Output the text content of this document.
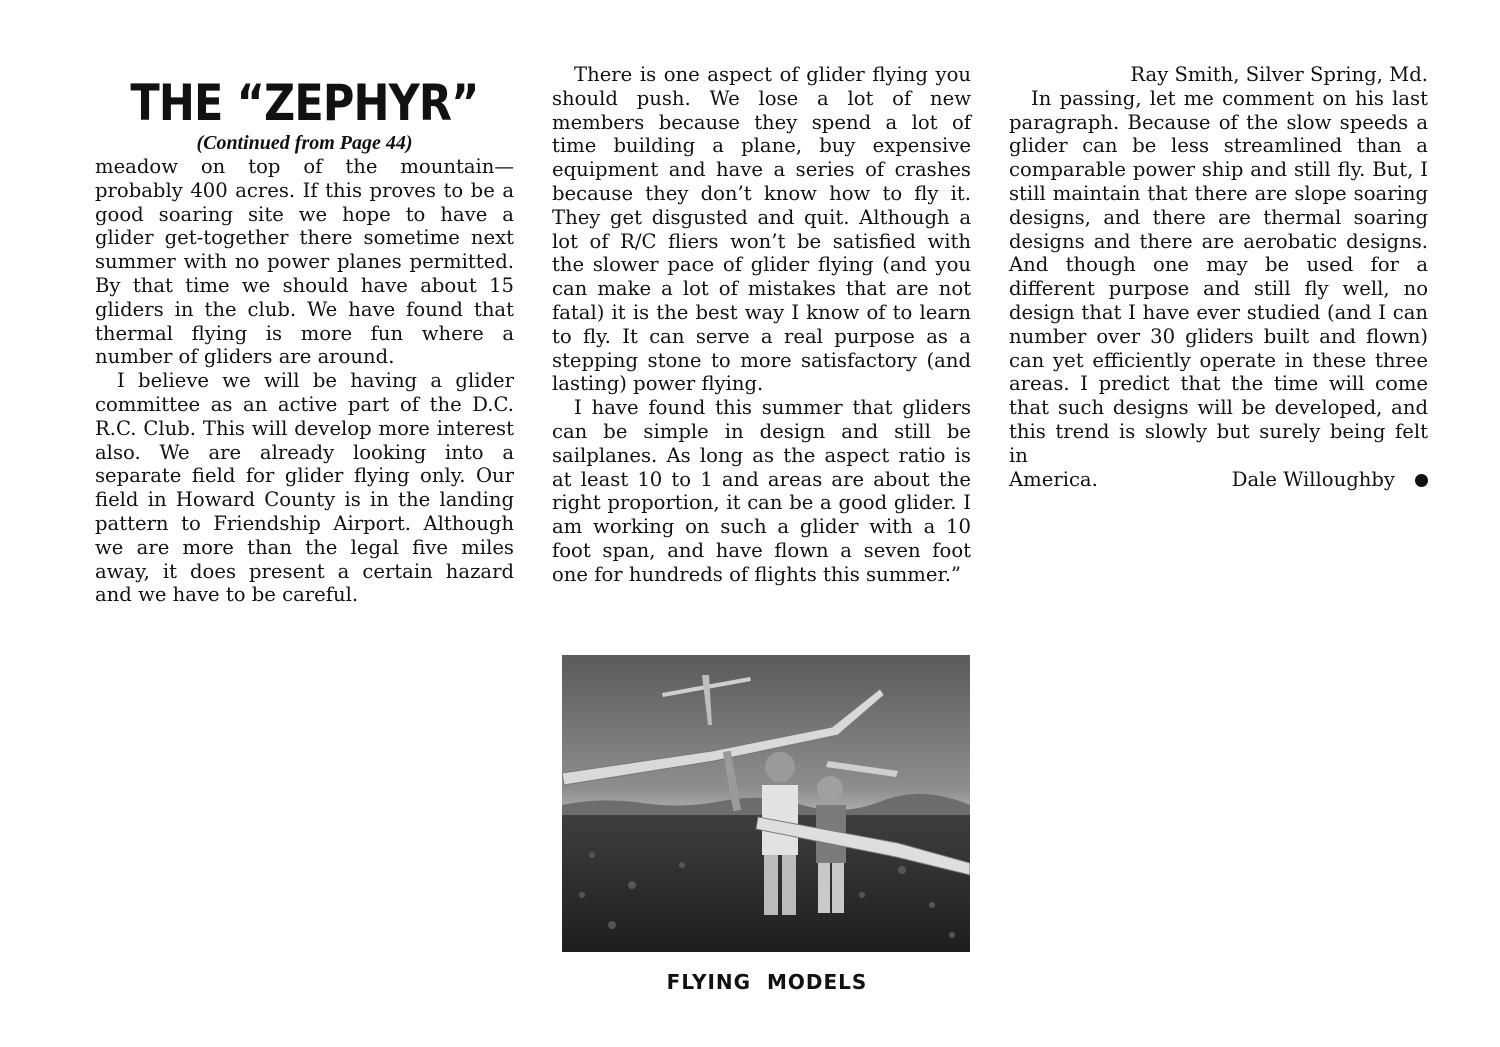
THE “ZEPHYR”
(Continued from Page 44)

meadow on top of the mountain—probably 400 acres. If this proves to be a good soaring site we hope to have a glider get-together there sometime next summer with no power planes permitted. By that time we should have about 15 gliders in the club. We have found that thermal flying is more fun where a number of gliders are around.

I believe we will be having a glider committee as an active part of the D.C. R.C. Club. This will develop more interest also. We are already looking into a separate field for glider flying only. Our field in Howard County is in the landing pattern to Friendship Airport. Although we are more than the legal five miles away, it does present a certain hazard and we have to be careful.

There is one aspect of glider flying you should push. We lose a lot of new members because they spend a lot of time building a plane, buy expensive equipment and have a series of crashes because they don’t know how to fly it. They get disgusted and quit. Although a lot of R/C fliers won’t be satisfied with the slower pace of glider flying (and you can make a lot of mistakes that are not fatal) it is the best way I know of to learn to fly. It can serve a real purpose as a stepping stone to more satisfactory (and lasting) power flying.

I have found this summer that gliders can be simple in design and still be sailplanes. As long as the aspect ratio is at least 10 to 1 and areas are about the right proportion, it can be a good glider. I am working on such a glider with a 10 foot span, and have flown a seven foot one for hundreds of flights this summer.”

Ray Smith, Silver Spring, Md.

In passing, let me comment on his last paragraph. Because of the slow speeds a glider can be less streamlined than a comparable power ship and still fly. But, I still maintain that there are slope soaring designs, and there are thermal soaring designs and there are aerobatic designs. And though one may be used for a different purpose and still fly well, no design that I have ever studied (and I can number over 30 gliders built and flown) can yet efficiently operate in these three areas. I predict that the time will come that such designs will be developed, and this trend is slowly but surely being felt in

America.	Dale Willoughby
FLYING MODELS
